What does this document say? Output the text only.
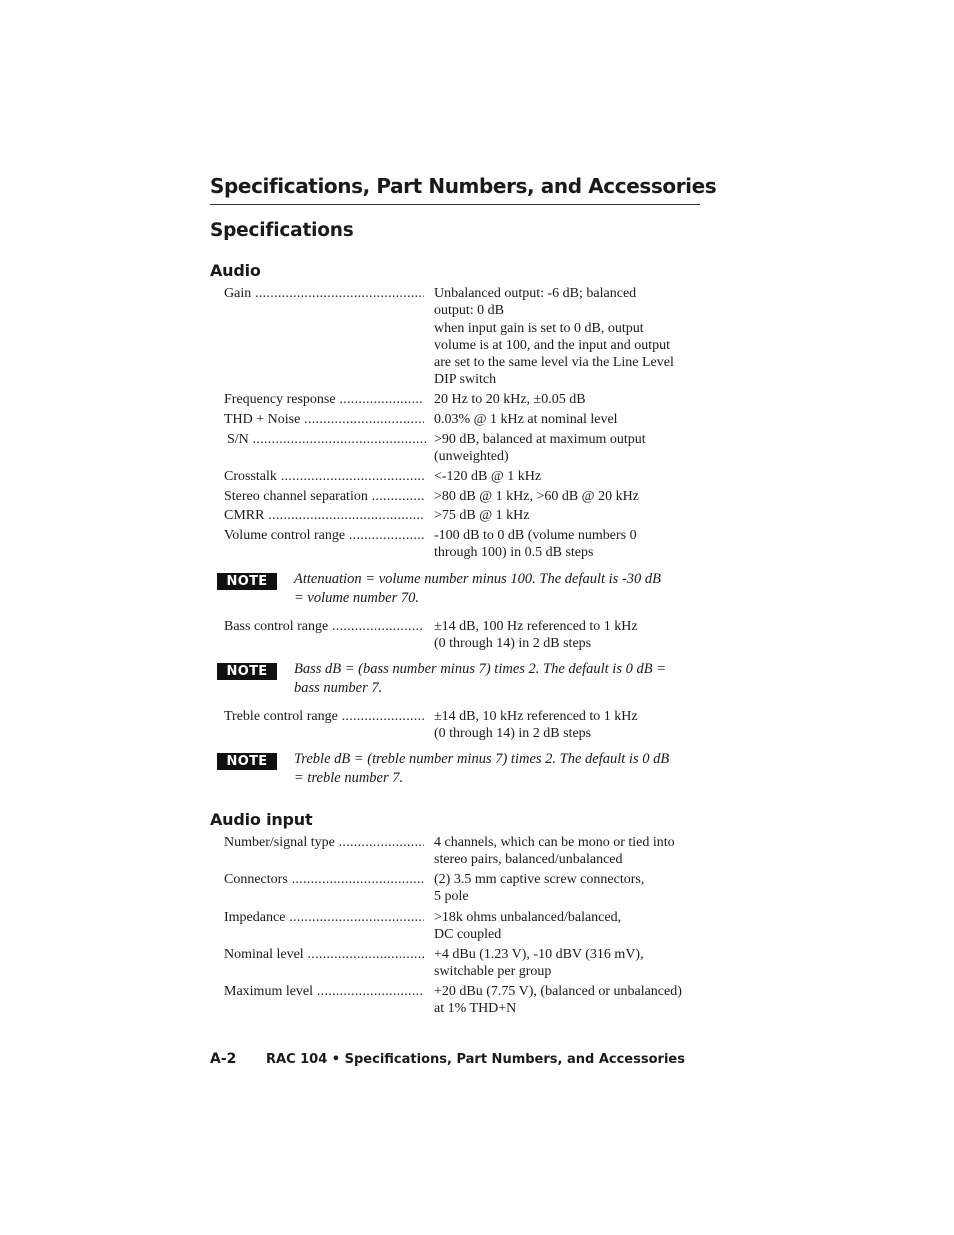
Specifications, Part Numbers, and Accessories
Specifications
Audio
Gain .....	Unbalanced output: -6 dB; balanced
output: 0 dB
when input gain is set to 0 dB, output
volume is at 100, and the input and output
are set to the same level via the Line Level
DIP switch
Frequency response .....	20 Hz to 20 kHz, ±0.05 dB
THD + Noise .....	0.03% @ 1 kHz at nominal level
S/N .....	>90 dB, balanced at maximum output
(unweighted)
Crosstalk .....	<-120 dB @ 1 kHz
Stereo channel separation .....	>80 dB @ 1 kHz, >60 dB @ 20 kHz
CMRR .....	>75 dB @ 1 kHz
Volume control range .....	-100 dB to 0 dB (volume numbers 0
through 100) in 0.5 dB steps
NOTE	Attenuation = volume number minus 100. The default is -30 dB
= volume number 70.
Bass control range .....	±14 dB, 100 Hz referenced to 1 kHz
(0 through 14) in 2 dB steps
NOTE	Bass dB = (bass number minus 7) times 2. The default is 0 dB =
bass number 7.
Treble control range .....	±14 dB, 10 kHz referenced to 1 kHz
(0 through 14) in 2 dB steps
NOTE	Treble dB = (treble number minus 7) times 2. The default is 0 dB
= treble number 7.
Audio input
Number/signal type .....	4 channels, which can be mono or tied into
stereo pairs, balanced/unbalanced
Connectors .....	(2) 3.5 mm captive screw connectors,
5 pole
Impedance .....	>18k ohms unbalanced/balanced,
DC coupled
Nominal level .....	+4 dBu (1.23 V), -10 dBV (316 mV),
switchable per group
Maximum level .....	+20 dBu (7.75 V), (balanced or unbalanced)
at 1% THD+N
A-2 RAC 104 • Specifications, Part Numbers, and Accessories
